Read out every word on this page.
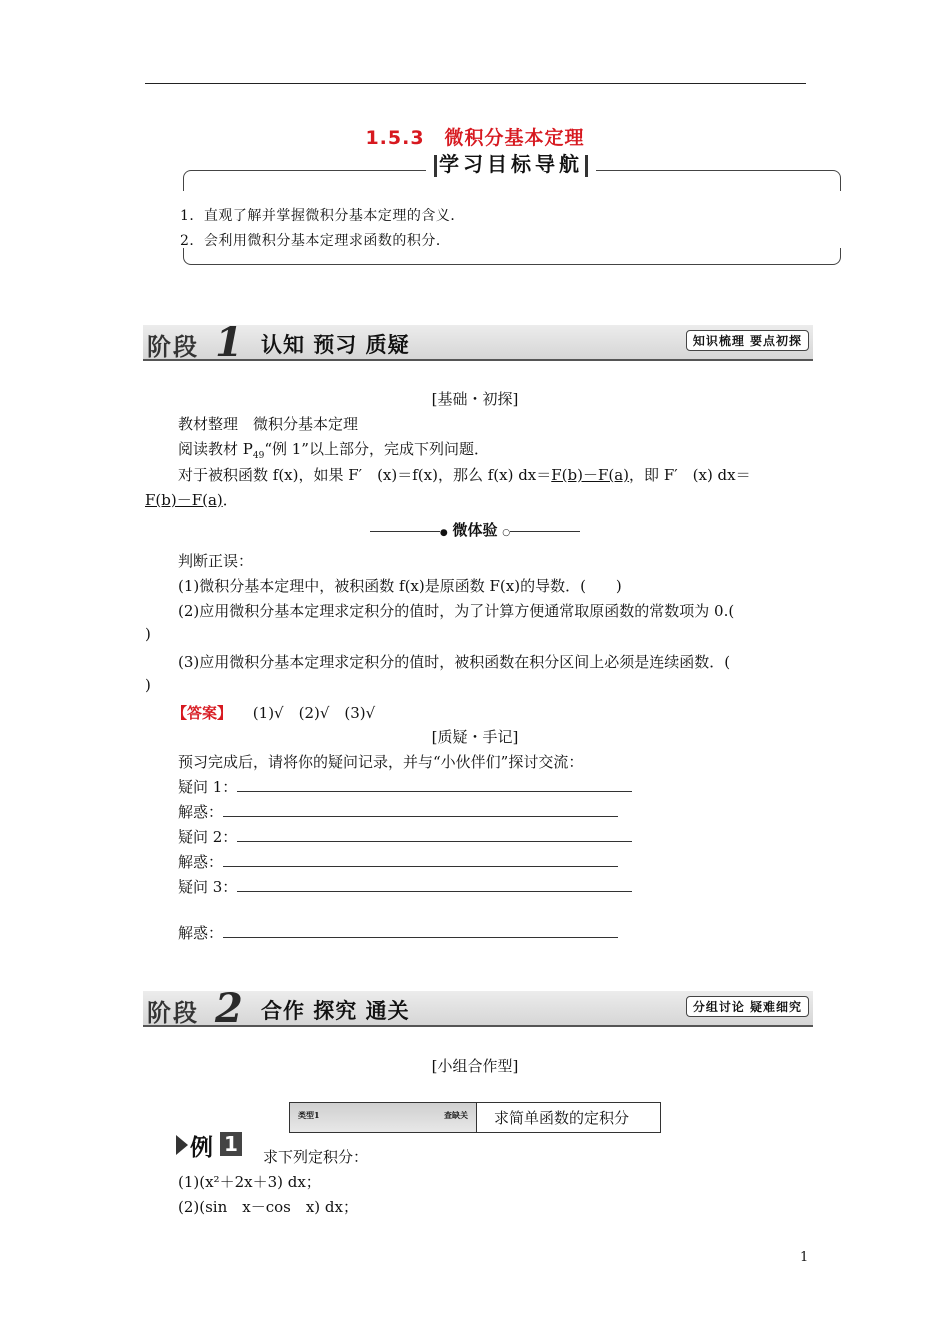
1.5.3　微积分基本定理
学习目标导航
1．直观了解并掌握微积分基本定理的含义．
2．会利用微积分基本定理求函数的积分．
阶段 1 认知 预习 质疑	知识梳理 要点初探
[基础・初探]
教材整理　微积分基本定理
阅读教材 $P_{49}“$例 1”以上部分，完成下列问题．
对于被积函数 f(x)，如果 F′　(x)＝f(x)，那么 f(x) dx＝F(b)－F(a)，即 F′　(x) dx＝
F(b)－F(a)．
● 微体验 ○
判断正误：
(1)微积分基本定理中，被积函数 f(x)是原函数 F(x)的导数．(　　)
(2)应用微积分基本定理求定积分的值时，为了计算方便通常取原函数的常数项为 0.(
)
(3)应用微积分基本定理求定积分的值时，被积函数在积分区间上必须是连续函数．(
)
【答案】 (1)√　(2)√　(3)√
[质疑・手记]
预习完成后，请将你的疑问记录，并与“小伙伴们”探讨交流：
疑问 1：
解惑：
疑问 2：
解惑：
疑问 3：
解惑：
阶段 2 合作 探究 通关	分组讨论 疑难细究
[小组合作型]
类型1	查缺关 求简单函数的定积分
例 1
求下列定积分：
(1)(x²＋2x＋3) dx；
(2)(sin　x－cos　x) dx；
1
